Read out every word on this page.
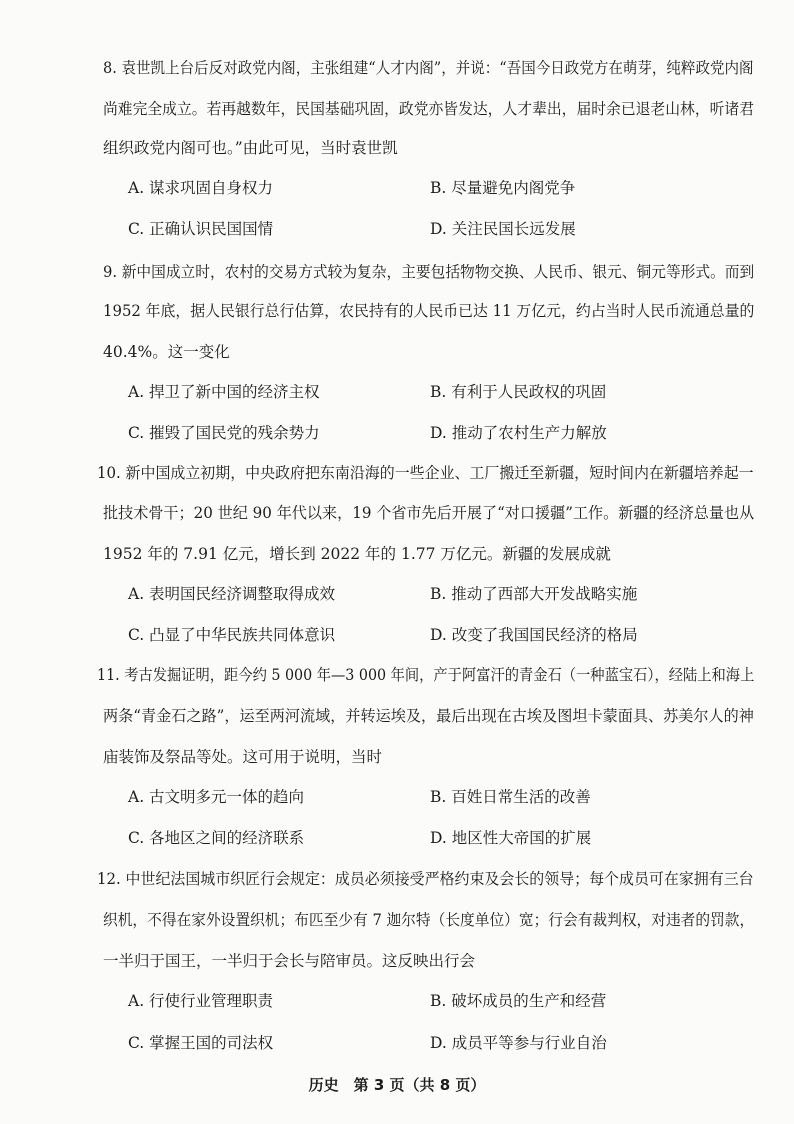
8. 袁世凯上台后反对政党内阁，主张组建“人才内阁”，并说：“吾国今日政党方在萌芽，纯粹政党内阁
尚难完全成立。若再越数年，民国基础巩固，政党亦皆发达，人才辈出，届时余已退老山林，听诸君
组织政党内阁可也。”由此可见，当时袁世凯
A. 谋求巩固自身权力	B. 尽量避免内阁党争
C. 正确认识民国国情	D. 关注民国长远发展
9. 新中国成立时，农村的交易方式较为复杂，主要包括物物交换、人民币、银元、铜元等形式。而到
1952 年底，据人民银行总行估算，农民持有的人民币已达 11 万亿元，约占当时人民币流通总量的
40.4%。这一变化
A. 捍卫了新中国的经济主权	B. 有利于人民政权的巩固
C. 摧毁了国民党的残余势力	D. 推动了农村生产力解放
10. 新中国成立初期，中央政府把东南沿海的一些企业、工厂搬迁至新疆，短时间内在新疆培养起一
批技术骨干；20 世纪 90 年代以来，19 个省市先后开展了“对口援疆”工作。新疆的经济总量也从
1952 年的 7.91 亿元，增长到 2022 年的 1.77 万亿元。新疆的发展成就
A. 表明国民经济调整取得成效	B. 推动了西部大开发战略实施
C. 凸显了中华民族共同体意识	D. 改变了我国国民经济的格局
11. 考古发掘证明，距今约 5 000 年—3 000 年间，产于阿富汗的青金石（一种蓝宝石），经陆上和海上
两条“青金石之路”，运至两河流域，并转运埃及，最后出现在古埃及图坦卡蒙面具、苏美尔人的神
庙装饰及祭品等处。这可用于说明，当时
A. 古文明多元一体的趋向	B. 百姓日常生活的改善
C. 各地区之间的经济联系	D. 地区性大帝国的扩展
12. 中世纪法国城市织匠行会规定：成员必须接受严格约束及会长的领导；每个成员可在家拥有三台
织机，不得在家外设置织机；布匹至少有 7 迦尔特（长度单位）宽；行会有裁判权，对违者的罚款，
一半归于国王，一半归于会长与陪审员。这反映出行会
A. 行使行业管理职责	B. 破坏成员的生产和经营
C. 掌握王国的司法权	D. 成员平等参与行业自治
历史　第 3 页（共 8 页）
